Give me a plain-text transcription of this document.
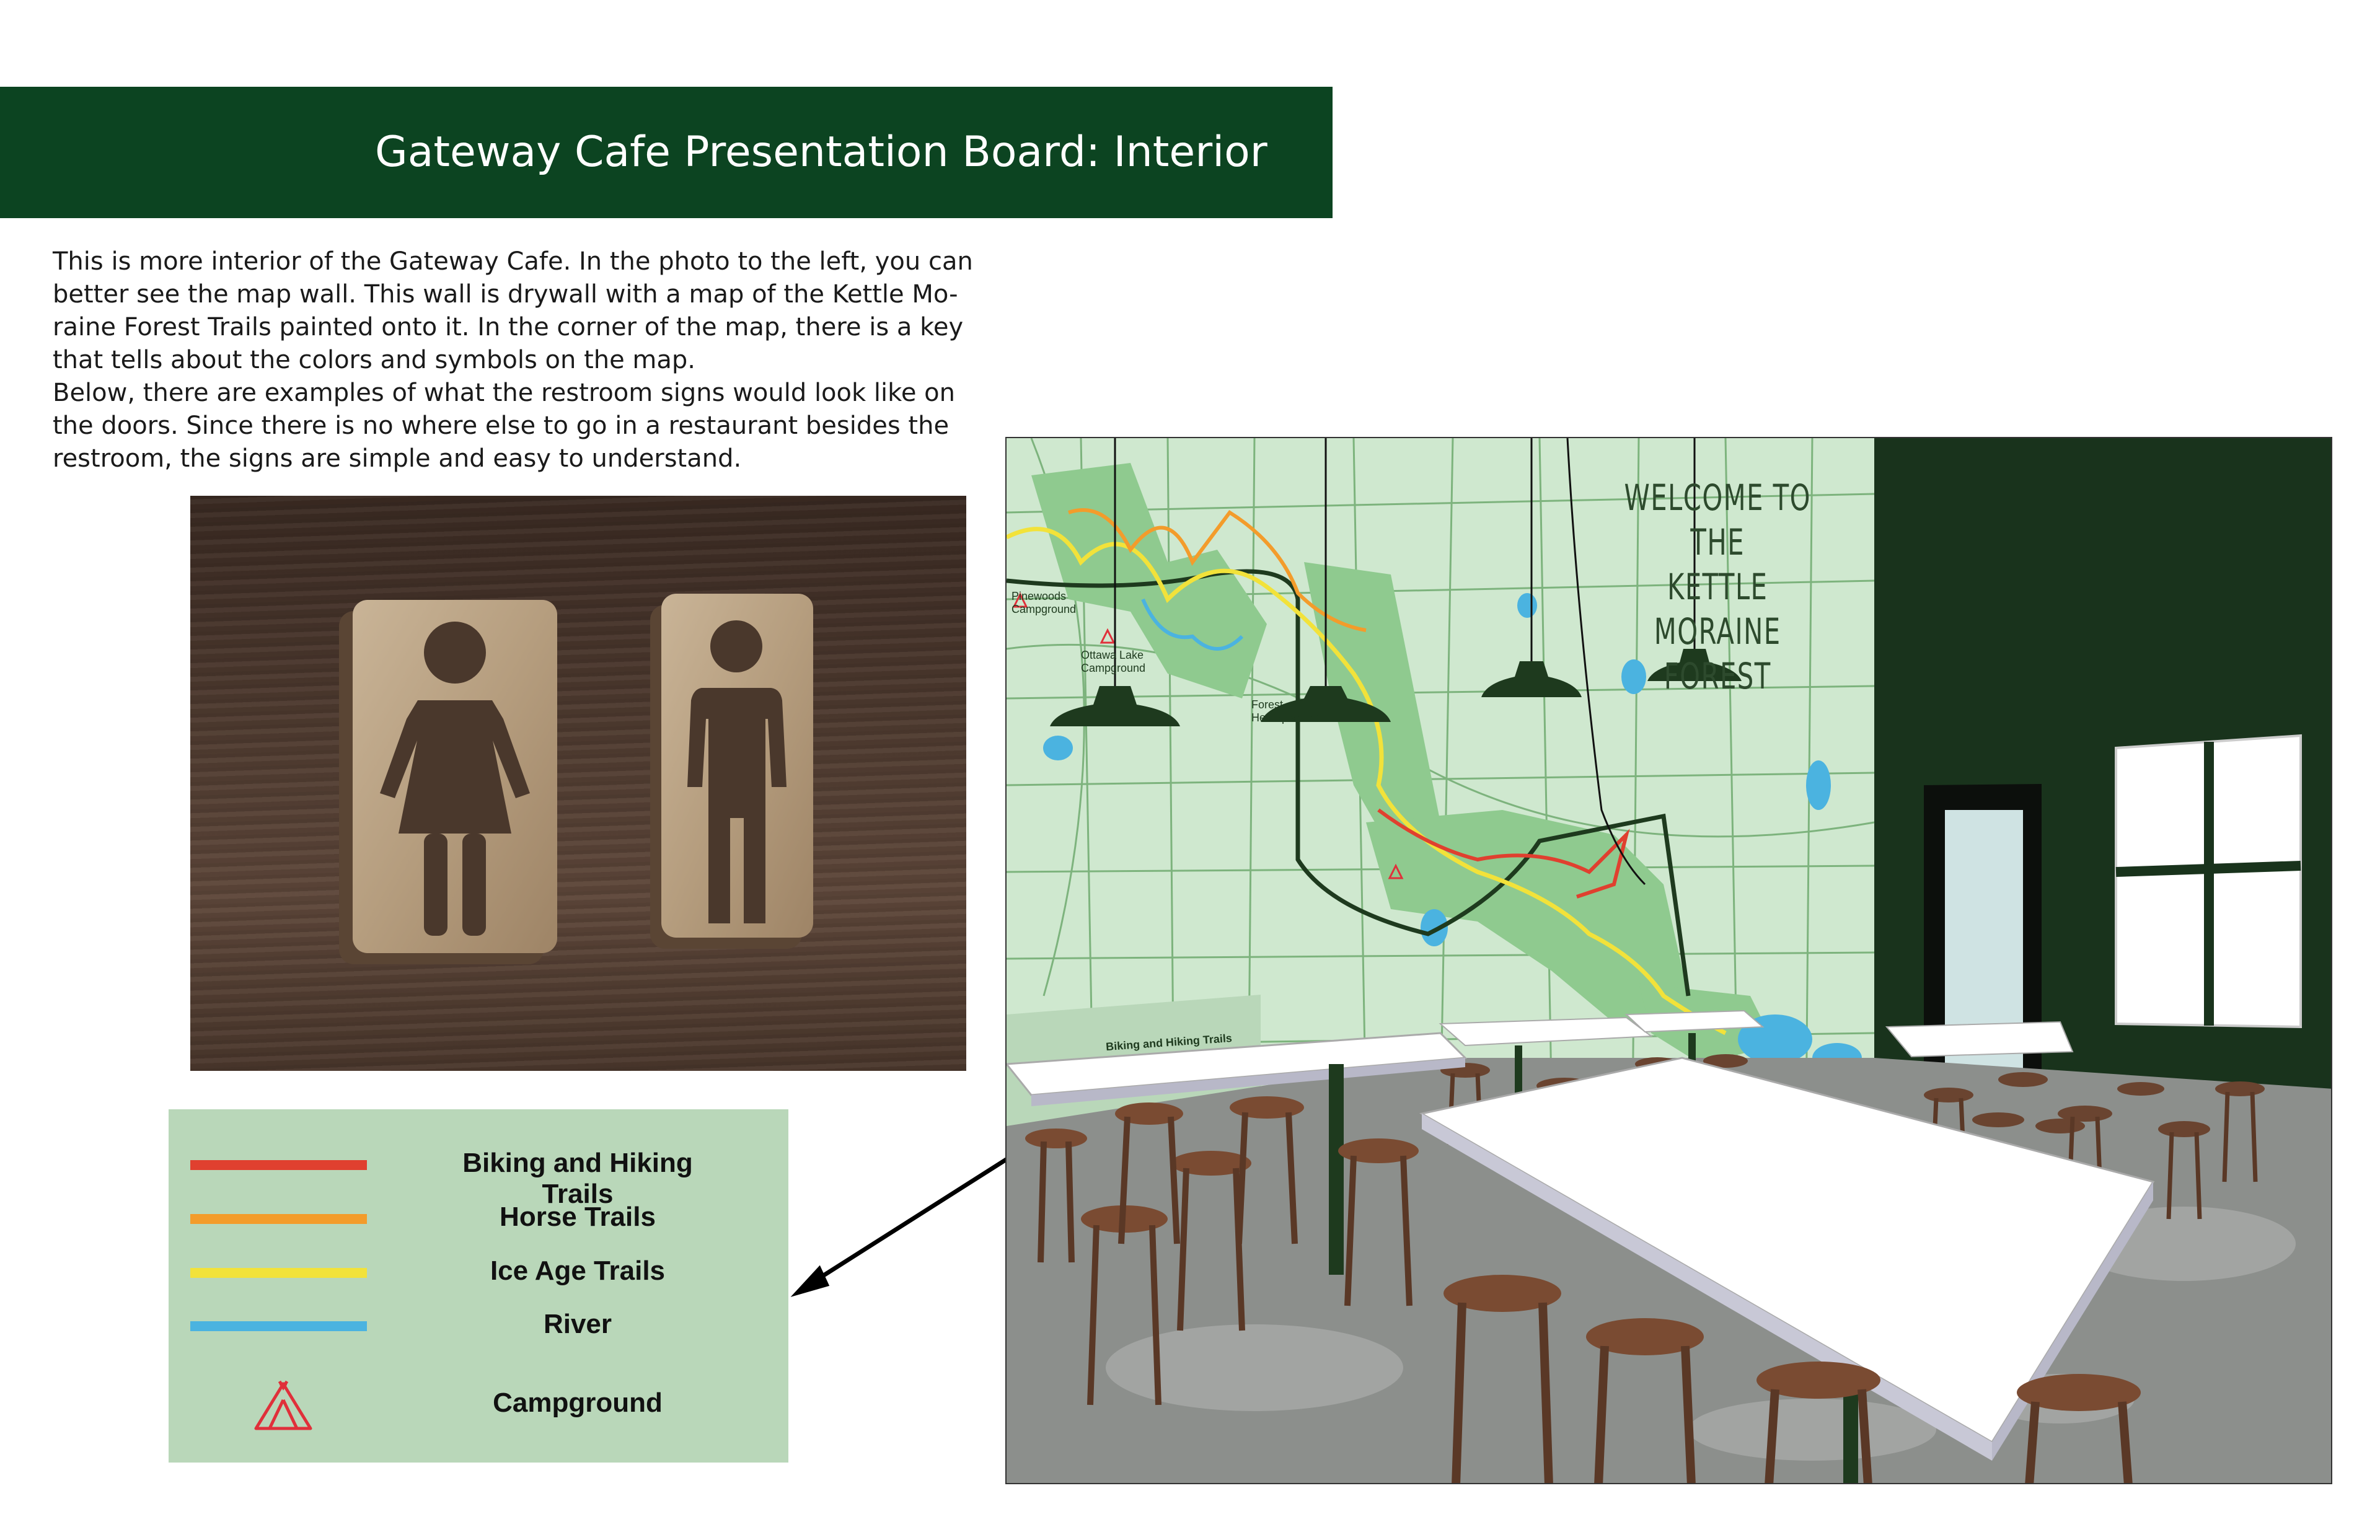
Gateway Cafe Presentation Board: Interior

This is more interior of the Gateway Cafe. In the photo to the left, you can

better see the map wall. This wall is drywall with a map of the Kettle Mo-

raine Forest Trails painted onto it. In the corner of the map, there is a key

that tells about the colors and symbols on the map.

Below, there are examples of what the restroom signs would look like on

the doors. Since there is no where else to go in a restaurant besides the

restroom, the signs are simple and easy to understand.

Biking and Hiking Trails
Horse Trails
Ice Age Trails
River
Campground
WELCOME TO THE
KETTLE MORAINE FOREST
Pinewoods
Campground
Ottawa Lake
Campground
Forest
Headquarters
Biking and Hiking Trails
